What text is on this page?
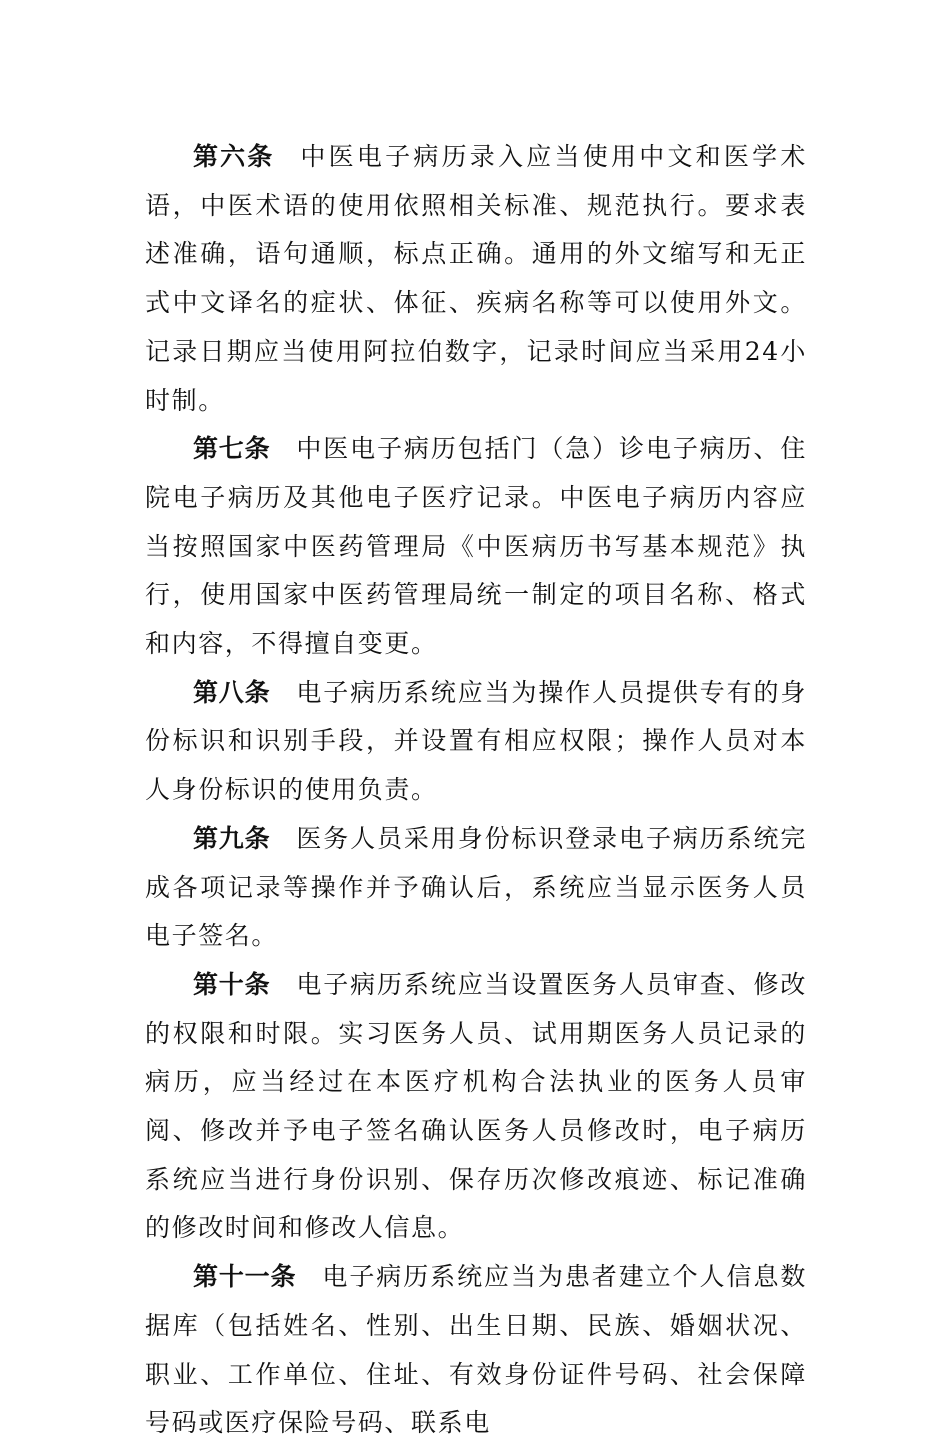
第六条 中医电子病历录入应当使用中文和医学术语，中医术语的使用依照相关标准、规范执行。要求表述准确，语句通顺，标点正确。通用的外文缩写和无正式中文译名的症状、体征、疾病名称等可以使用外文。记录日期应当使用阿拉伯数字，记录时间应当采用24小时制。

第七条 中医电子病历包括门（急）诊电子病历、住院电子病历及其他电子医疗记录。中医电子病历内容应当按照国家中医药管理局《中医病历书写基本规范》执行，使用国家中医药管理局统一制定的项目名称、格式和内容，不得擅自变更。

第八条 电子病历系统应当为操作人员提供专有的身份标识和识别手段，并设置有相应权限；操作人员对本人身份标识的使用负责。

第九条 医务人员采用身份标识登录电子病历系统完成各项记录等操作并予确认后，系统应当显示医务人员电子签名。

第十条 电子病历系统应当设置医务人员审查、修改的权限和时限。实习医务人员、试用期医务人员记录的病历，应当经过在本医疗机构合法执业的医务人员审阅、修改并予电子签名确认医务人员修改时，电子病历系统应当进行身份识别、保存历次修改痕迹、标记准确的修改时间和修改人信息。

第十一条 电子病历系统应当为患者建立个人信息数据库（包括姓名、性别、出生日期、民族、婚姻状况、职业、工作单位、住址、有效身份证件号码、社会保障号码或医疗保险号码、联系电
